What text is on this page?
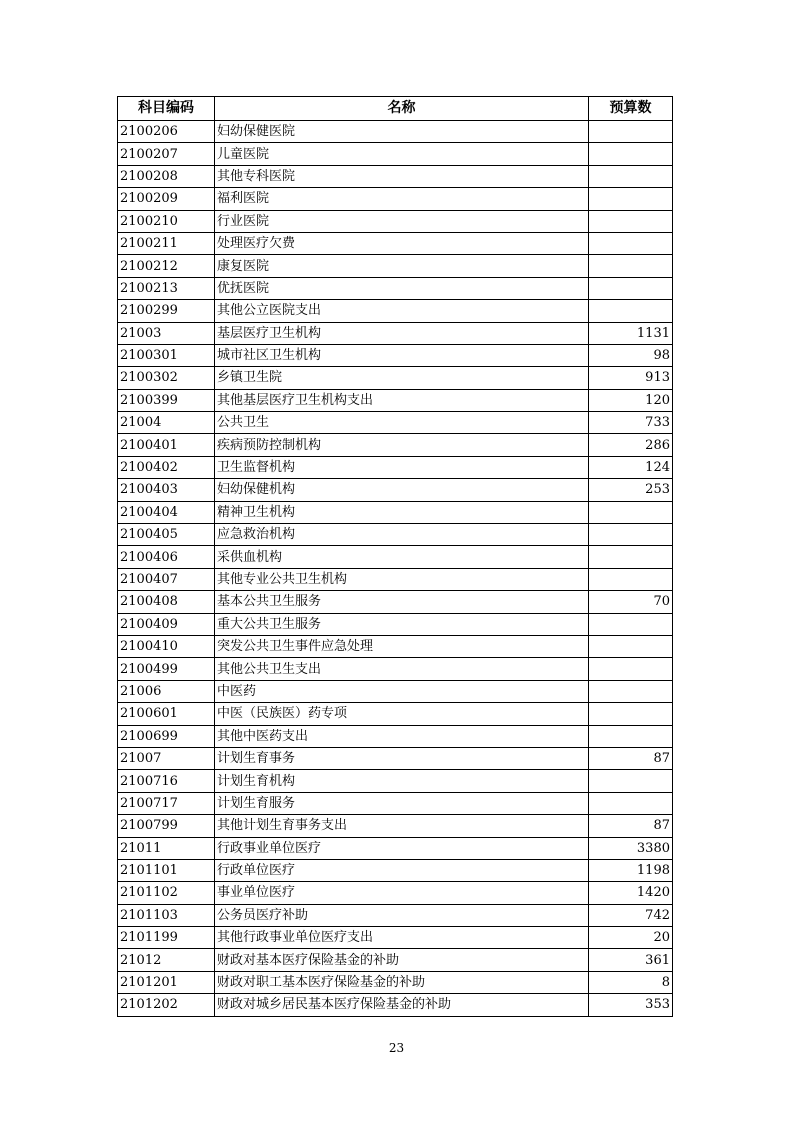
科目编码	名称	预算数
2100206	妇幼保健医院	
2100207	儿童医院	
2100208	其他专科医院	
2100209	福利医院	
2100210	行业医院	
2100211	处理医疗欠费	
2100212	康复医院	
2100213	优抚医院	
2100299	其他公立医院支出	
21003	基层医疗卫生机构	1131
2100301	城市社区卫生机构	98
2100302	乡镇卫生院	913
2100399	其他基层医疗卫生机构支出	120
21004	公共卫生	733
2100401	疾病预防控制机构	286
2100402	卫生监督机构	124
2100403	妇幼保健机构	253
2100404	精神卫生机构	
2100405	应急救治机构	
2100406	采供血机构	
2100407	其他专业公共卫生机构	
2100408	基本公共卫生服务	70
2100409	重大公共卫生服务	
2100410	突发公共卫生事件应急处理	
2100499	其他公共卫生支出	
21006	中医药	
2100601	中医（民族医）药专项	
2100699	其他中医药支出	
21007	计划生育事务	87
2100716	计划生育机构	
2100717	计划生育服务	
2100799	其他计划生育事务支出	87
21011	行政事业单位医疗	3380
2101101	行政单位医疗	1198
2101102	事业单位医疗	1420
2101103	公务员医疗补助	742
2101199	其他行政事业单位医疗支出	20
21012	财政对基本医疗保险基金的补助	361
2101201	财政对职工基本医疗保险基金的补助	8
2101202	财政对城乡居民基本医疗保险基金的补助	353
23
